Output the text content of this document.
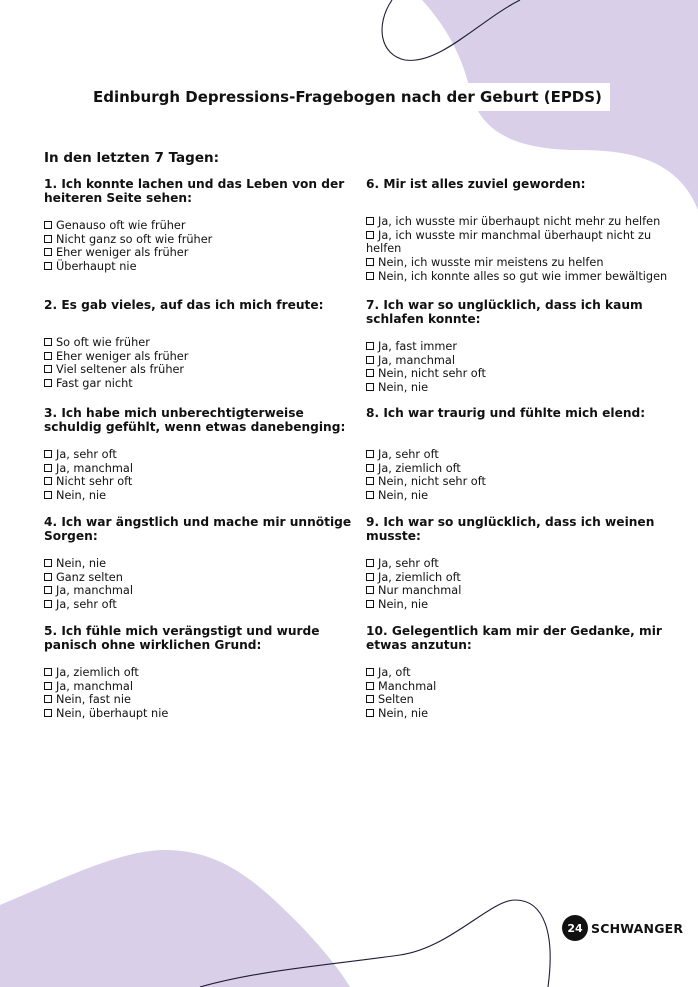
Edinburgh Depressions-Fragebogen nach der Geburt (EPDS)
In den letzten 7 Tagen:
1. Ich konnte lachen und das Leben von der heiteren Seite sehen:
Genauso oft wie früher
Nicht ganz so oft wie früher
Eher weniger als früher
Überhaupt nie
2. Es gab vieles, auf das ich mich freute:
So oft wie früher
Eher weniger als früher
Viel seltener als früher
Fast gar nicht
3. Ich habe mich unberechtigterweise schuldig gefühlt, wenn etwas danebenging:
Ja, sehr oft
Ja, manchmal
Nicht sehr oft
Nein, nie
4. Ich war ängstlich und mache mir unnötige Sorgen:
Nein, nie
Ganz selten
Ja, manchmal
Ja, sehr oft
5. Ich fühle mich verängstigt und wurde panisch ohne wirklichen Grund:
Ja, ziemlich oft
Ja, manchmal
Nein, fast nie
Nein, überhaupt nie
6. Mir ist alles zuviel geworden:
Ja, ich wusste mir überhaupt nicht mehr zu helfen
Ja, ich wusste mir manchmal überhaupt nicht zu helfen
Nein, ich wusste mir meistens zu helfen
Nein, ich konnte alles so gut wie immer bewältigen
7. Ich war so unglücklich, dass ich kaum schlafen konnte:
Ja, fast immer
Ja, manchmal
Nein, nicht sehr oft
Nein, nie
8. Ich war traurig und fühlte mich elend:
Ja, sehr oft
Ja, ziemlich oft
Nein, nicht sehr oft
Nein, nie
9. Ich war so unglücklich, dass ich weinen musste:
Ja, sehr oft
Ja, ziemlich oft
Nur manchmal
Nein, nie
10. Gelegentlich kam mir der Gedanke, mir etwas anzutun:
Ja, oft
Manchmal
Selten
Nein, nie
24 SCHWANGER
